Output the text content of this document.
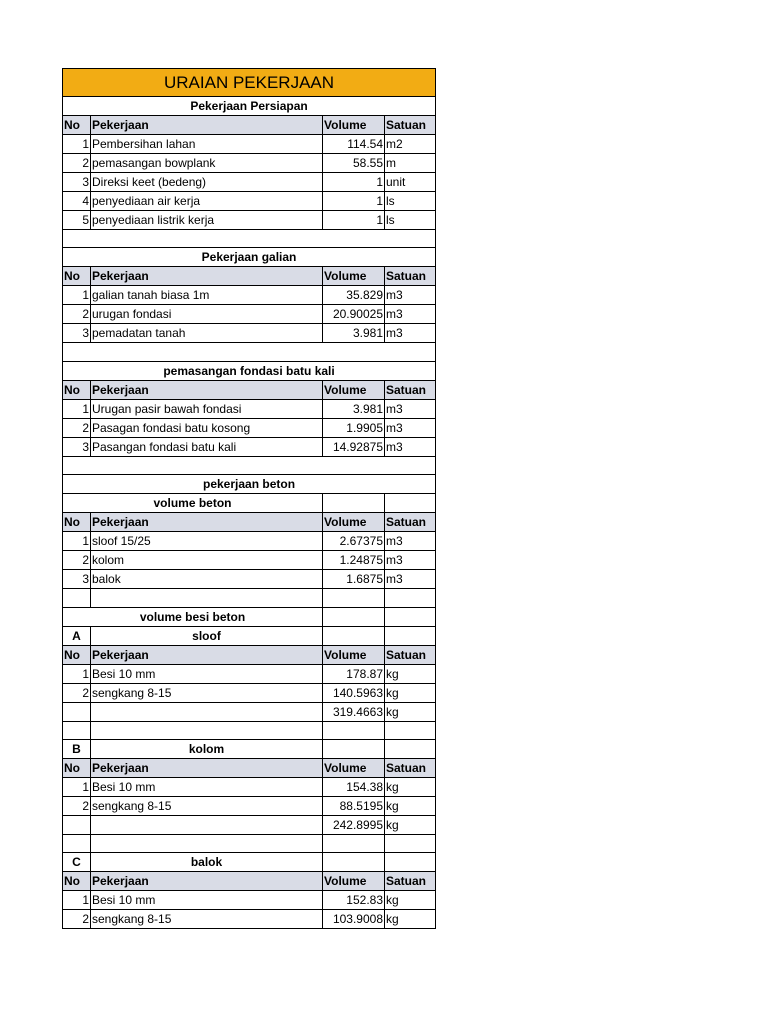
URAIAN PEKERJAAN			
Pekerjaan Persiapan			
No	Pekerjaan	Volume	Satuan
1	Pembersihan lahan	114.54	m2
2	pemasangan bowplank	58.55	m
3	Direksi keet (bedeng)	1	unit
4	penyediaan air kerja	1	ls
5	penyediaan listrik kerja	1	ls

Pekerjaan galian			
No	Pekerjaan	Volume	Satuan
1	galian tanah biasa 1m	35.829	m3
2	urugan fondasi	20.90025	m3
3	pemadatan tanah	3.981	m3

pemasangan fondasi batu kali			
No	Pekerjaan	Volume	Satuan
1	Urugan pasir bawah fondasi	3.981	m3
2	Pasagan fondasi batu kosong	1.9905	m3
3	Pasangan fondasi batu kali	14.92875	m3

pekerjaan beton			
volume beton			
No	Pekerjaan	Volume	Satuan
1	sloof 15/25	2.67375	m3
2	kolom	1.24875	m3
3	balok	1.6875	m3

volume besi beton			
A	sloof		
No	Pekerjaan	Volume	Satuan
1	Besi 10 mm	178.87	kg
2	sengkang 8-15	140.5963	kg
		319.4663	kg

B	kolom		
No	Pekerjaan	Volume	Satuan
1	Besi 10 mm	154.38	kg
2	sengkang 8-15	88.5195	kg
		242.8995	kg

C	balok		
No	Pekerjaan	Volume	Satuan
1	Besi 10 mm	152.83	kg
2	sengkang 8-15	103.9008	kg
